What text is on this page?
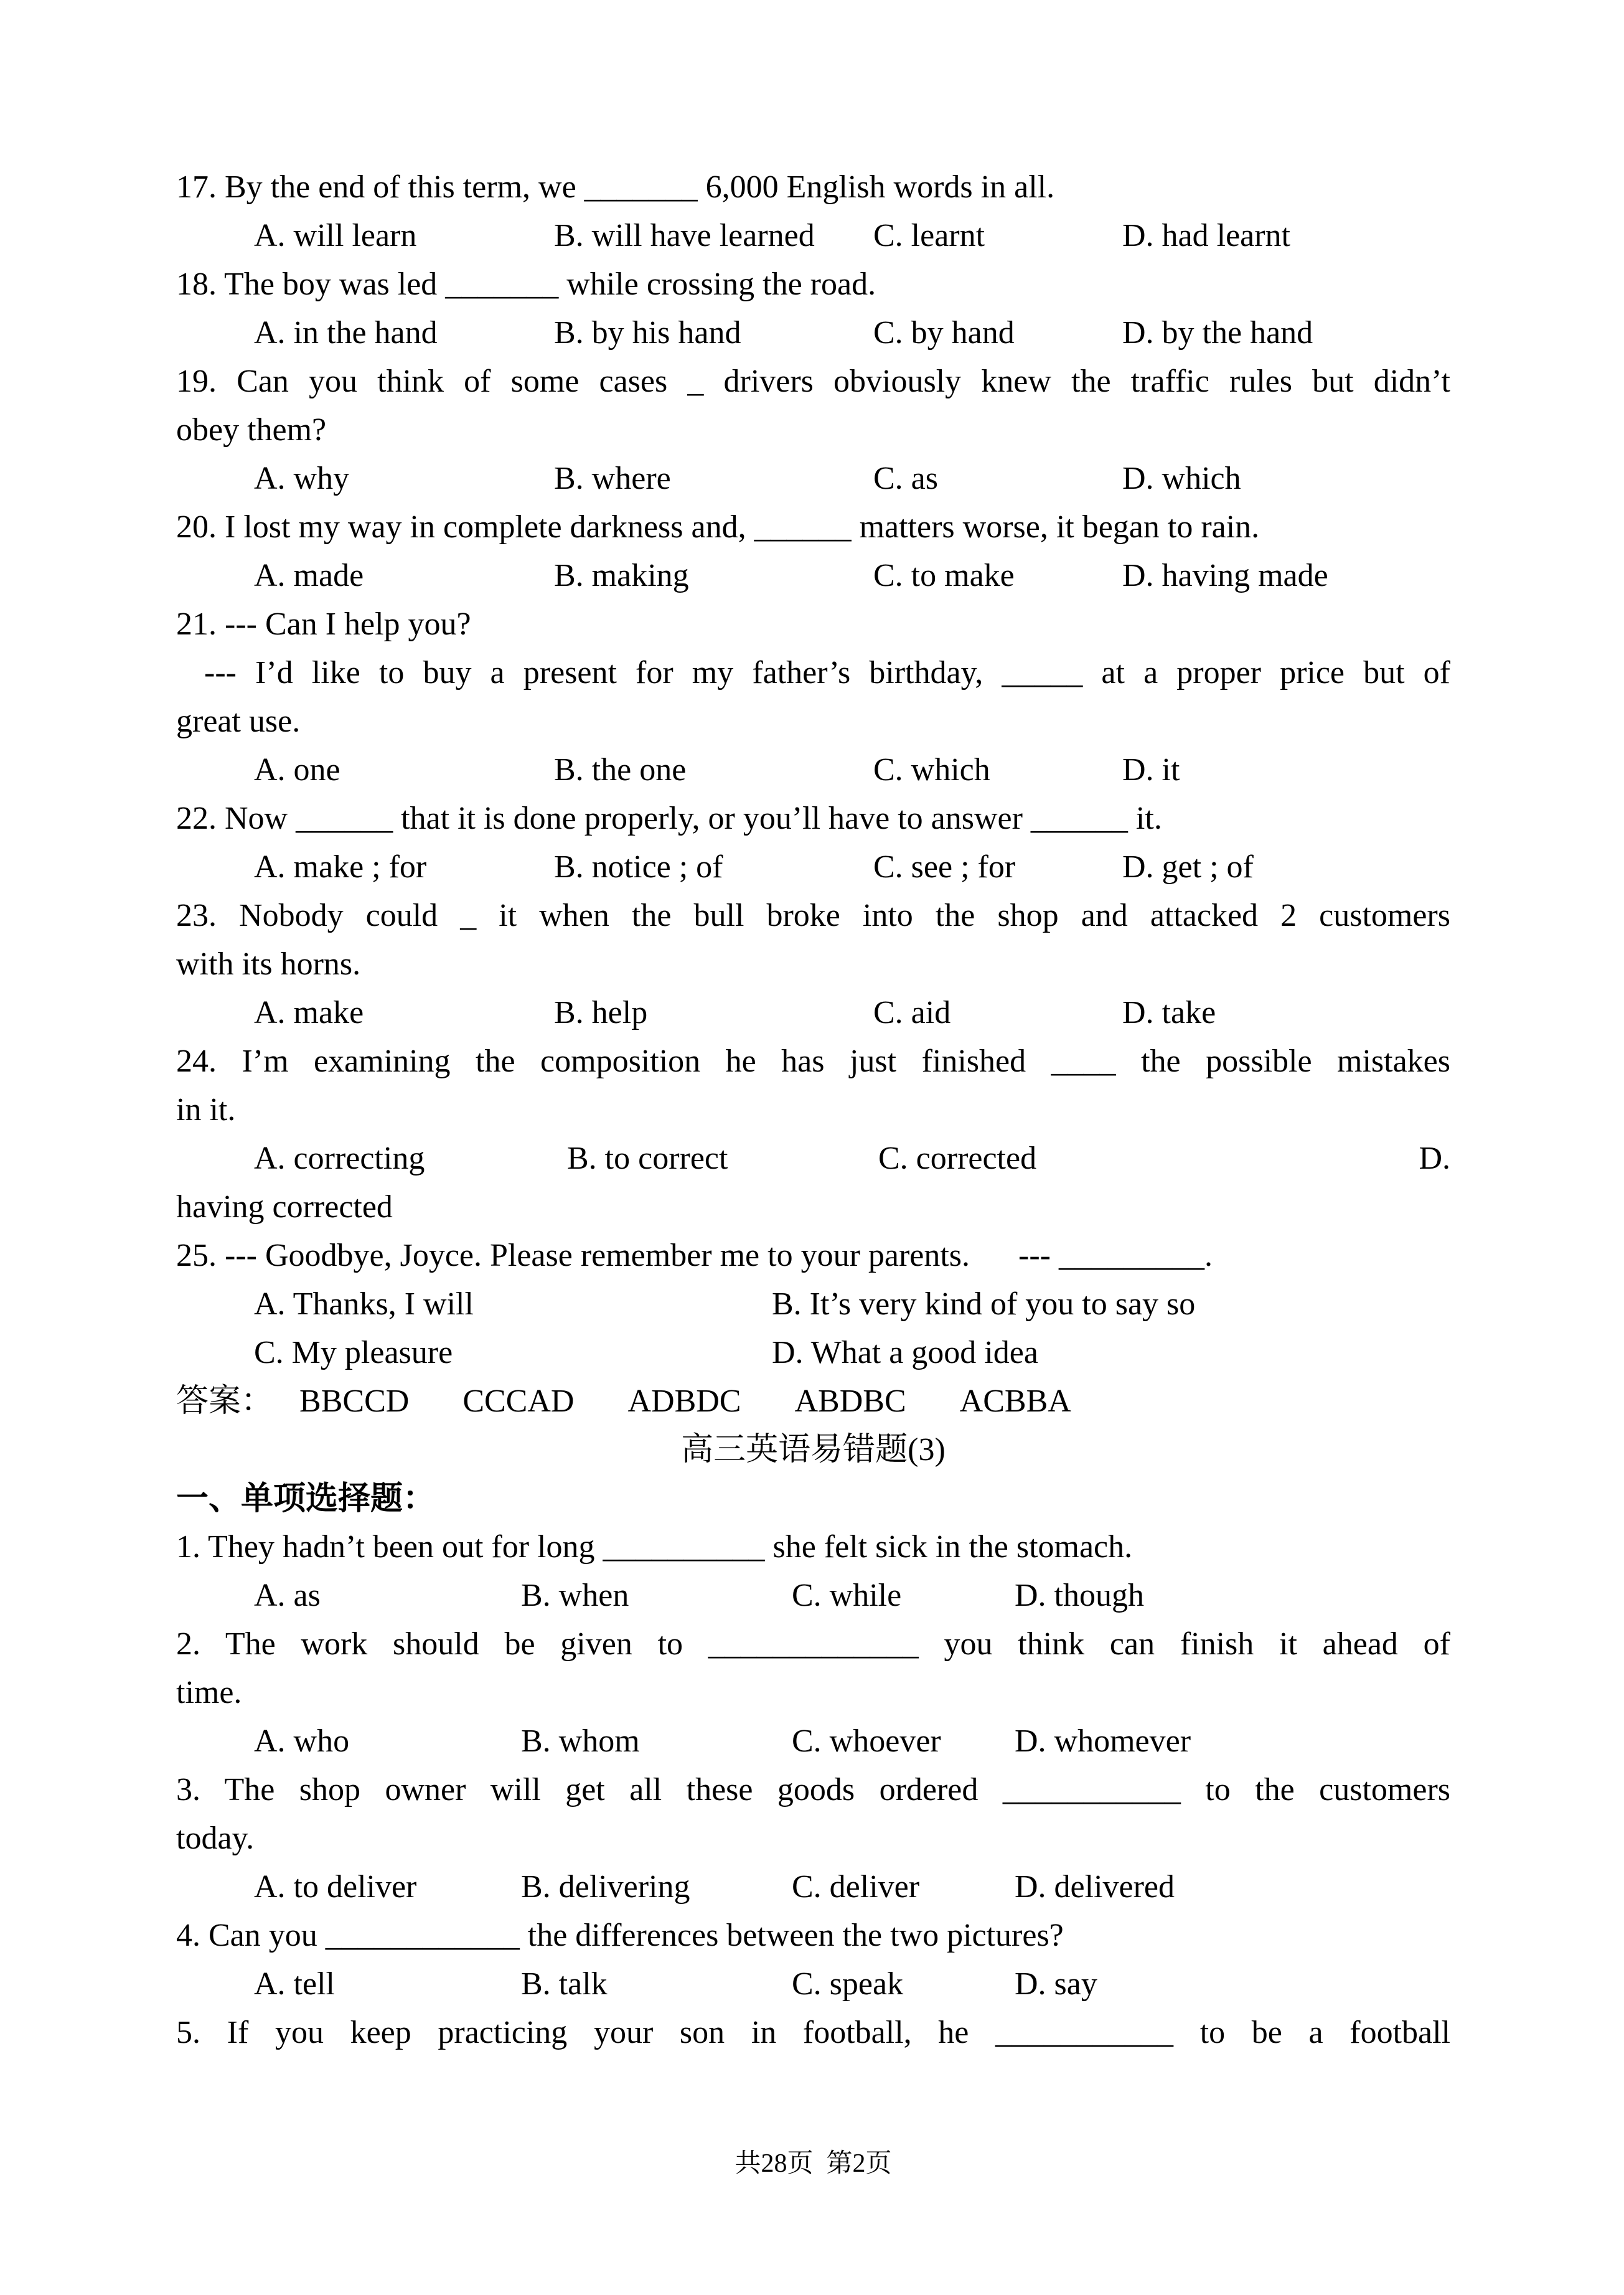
17. By the end of this term, we _______ 6,000 English words in all.
A. will learn	B. will have learned	C. learnt	D. had learnt
18. The boy was led _______ while crossing the road.
A. in the hand	B. by his hand	C. by hand	D. by the hand
19. Can you think of some cases _ drivers obviously knew the traffic rules but didn’t
obey them?
A. why	B. where	C. as	D. which
20. I lost my way in complete darkness and, ______ matters worse, it began to rain.
A. made	B. making	C. to make	D. having made
21. --- Can I help you?
--- I’d like to buy a present for my father’s birthday, _____ at a proper price but of
great use.
A. one	B. the one	C. which	D. it
22. Now ______ that it is done properly, or you’ll have to answer ______ it.
A. make ; for	B. notice ; of	C. see ; for	D. get ; of
23. Nobody could _ it when the bull broke into the shop and attacked 2 customers
with its horns.
A. make	B. help	C. aid	D. take
24. I’m examining the composition he has just finished ____ the possible mistakes
in it.
A. correcting	B. to correct	C. corrected	D.
having corrected
25. --- Goodbye, Joyce. Please remember me to your parents.      --- _________.
A. Thanks, I will	B. It’s very kind of you to say so
C. My pleasure	D. What a good idea
答案： BBCCD CCCAD ADBDC ABDBC ACBBA
高三英语易错题(3)
一、单项选择题：
1. They hadn’t been out for long __________ she felt sick in the stomach.
A. as	B. when	C. while	D. though
2. The work should be given to _____________ you think can finish it ahead of
time.
A. who	B. whom	C. whoever	D. whomever
3. The shop owner will get all these goods ordered ___________ to the customers
today.
A. to deliver	B. delivering	C. deliver	D. delivered
4. Can you ____________ the differences between the two pictures?
A. tell	B. talk	C. speak	D. say
5. If you keep practicing your son in football, he ___________ to be a football
共28页  第2页
